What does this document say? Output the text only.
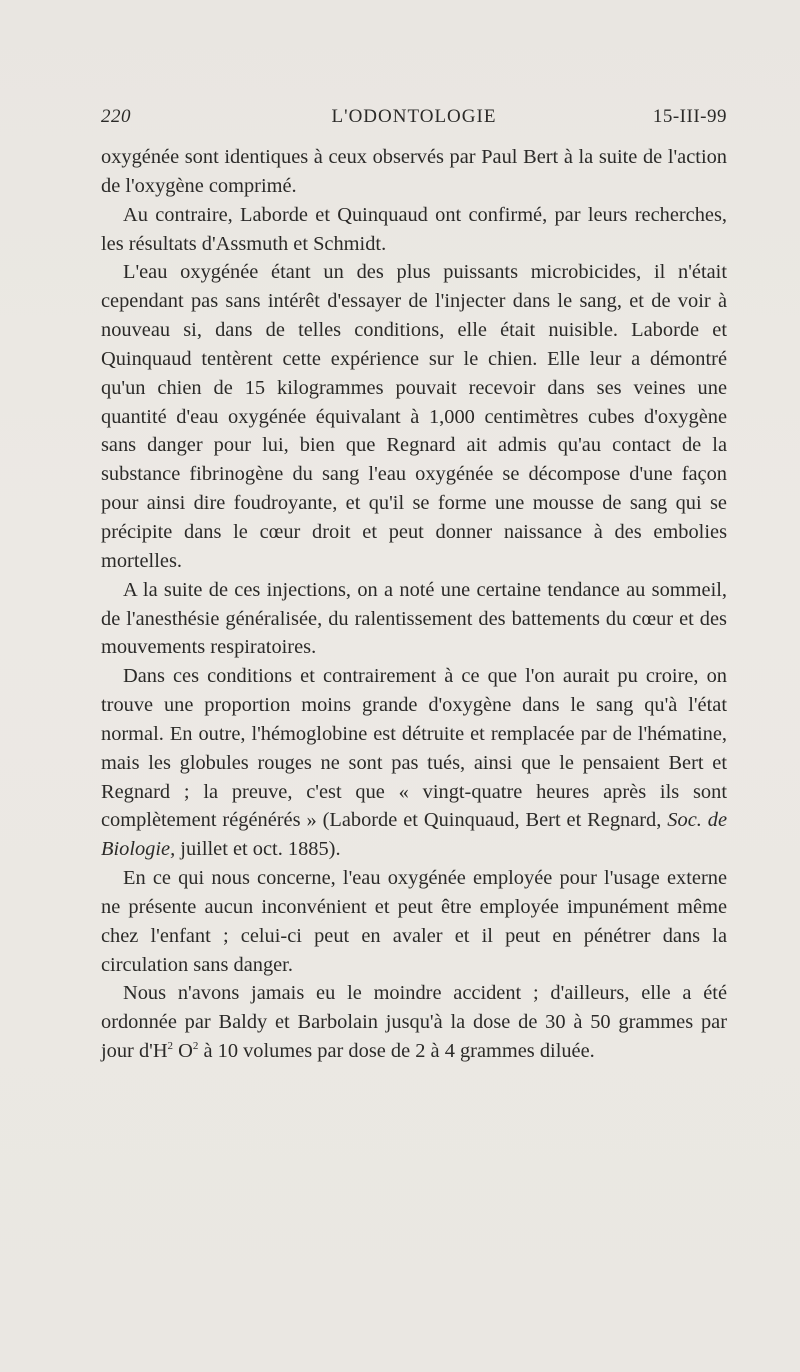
220	L'ODONTOLOGIE	15-III-99

oxygénée sont identiques à ceux observés par Paul Bert à la suite de l'action de l'oxygène comprimé.

Au contraire, Laborde et Quinquaud ont confirmé, par leurs recherches, les résultats d'Assmuth et Schmidt.

L'eau oxygénée étant un des plus puissants microbicides, il n'était cependant pas sans intérêt d'essayer de l'injecter dans le sang, et de voir à nouveau si, dans de telles conditions, elle était nuisible. Laborde et Quinquaud tentèrent cette expérience sur le chien. Elle leur a démontré qu'un chien de 15 kilogrammes pouvait recevoir dans ses veines une quantité d'eau oxygénée équivalant à 1,000 centimètres cubes d'oxygène sans danger pour lui, bien que Regnard ait admis qu'au contact de la substance fibrinogène du sang l'eau oxygénée se décompose d'une façon pour ainsi dire foudroyante, et qu'il se forme une mousse de sang qui se précipite dans le cœur droit et peut donner naissance à des embolies mortelles.

A la suite de ces injections, on a noté une certaine tendance au sommeil, de l'anesthésie généralisée, du ralentissement des battements du cœur et des mouvements respiratoires.

Dans ces conditions et contrairement à ce que l'on aurait pu croire, on trouve une proportion moins grande d'oxygène dans le sang qu'à l'état normal. En outre, l'hémoglobine est détruite et remplacée par de l'hématine, mais les globules rouges ne sont pas tués, ainsi que le pensaient Bert et Regnard ; la preuve, c'est que « vingt-quatre heures après ils sont complètement régénérés » (Laborde et Quinquaud, Bert et Regnard, Soc. de Biologie, juillet et oct. 1885).

En ce qui nous concerne, l'eau oxygénée employée pour l'usage externe ne présente aucun inconvénient et peut être employée impunément même chez l'enfant ; celui-ci peut en avaler et il peut en pénétrer dans la circulation sans danger.

Nous n'avons jamais eu le moindre accident ; d'ailleurs, elle a été ordonnée par Baldy et Barbolain jusqu'à la dose de 30 à 50 grammes par jour $d'H^2$ $O^2$ à 10 volumes par dose de 2 à 4 grammes diluée.
